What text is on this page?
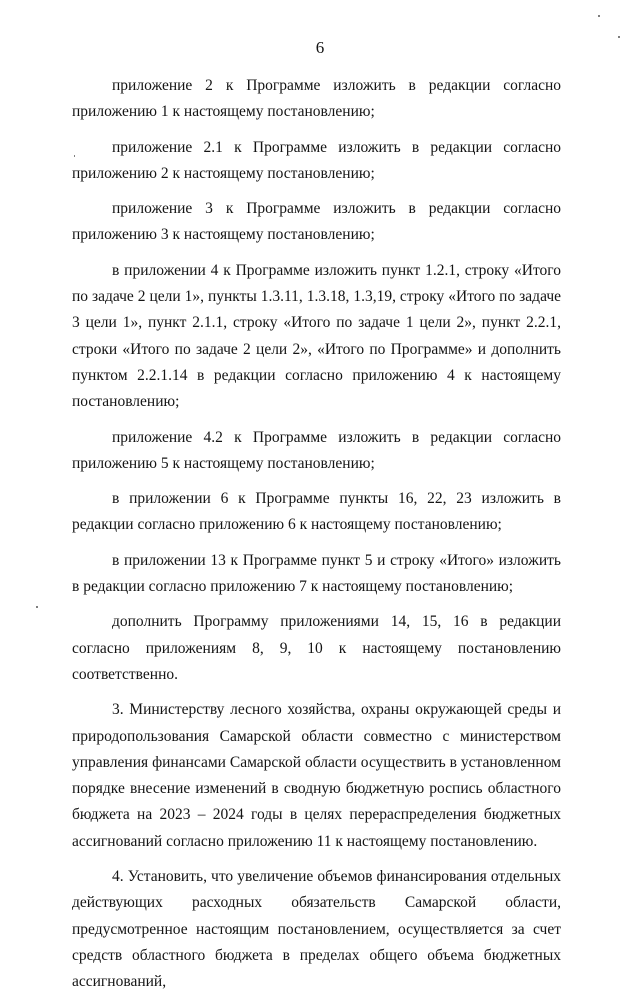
6

приложение 2 к Программе изложить в редакции согласно приложению 1 к настоящему постановлению;

приложение 2.1 к Программе изложить в редакции согласно приложению 2 к настоящему постановлению;

приложение 3 к Программе изложить в редакции согласно приложению 3 к настоящему постановлению;

в приложении 4 к Программе изложить пункт 1.2.1, строку «Итого по задаче 2 цели 1», пункты 1.3.11, 1.3.18, 1.3,19, строку «Итого по задаче 3 цели 1», пункт 2.1.1, строку «Итого по задаче 1 цели 2», пункт 2.2.1, строки «Итого по задаче 2 цели 2», «Итого по Программе» и дополнить пунктом 2.2.1.14 в редакции согласно приложению 4 к настоящему постановлению;

приложение 4.2 к Программе изложить в редакции согласно приложению 5 к настоящему постановлению;

в приложении 6 к Программе пункты 16, 22, 23 изложить в редакции согласно приложению 6 к настоящему постановлению;

в приложении 13 к Программе пункт 5 и строку «Итого» изложить в редакции согласно приложению 7 к настоящему постановлению;

дополнить Программу приложениями 14, 15, 16 в редакции согласно приложениям 8, 9, 10 к настоящему постановлению соответственно.

3. Министерству лесного хозяйства, охраны окружающей среды и природопользования Самарской области совместно с министерством управления финансами Самарской области осуществить в установленном порядке внесение изменений в сводную бюджетную роспись областного бюджета на 2023 – 2024 годы в целях перераспределения бюджетных ассигнований согласно приложению 11 к настоящему постановлению.

4. Установить, что увеличение объемов финансирования отдельных действующих расходных обязательств Самарской области, предусмотренное настоящим постановлением, осуществляется за счет средств областного бюджета в пределах общего объема бюджетных ассигнований,
